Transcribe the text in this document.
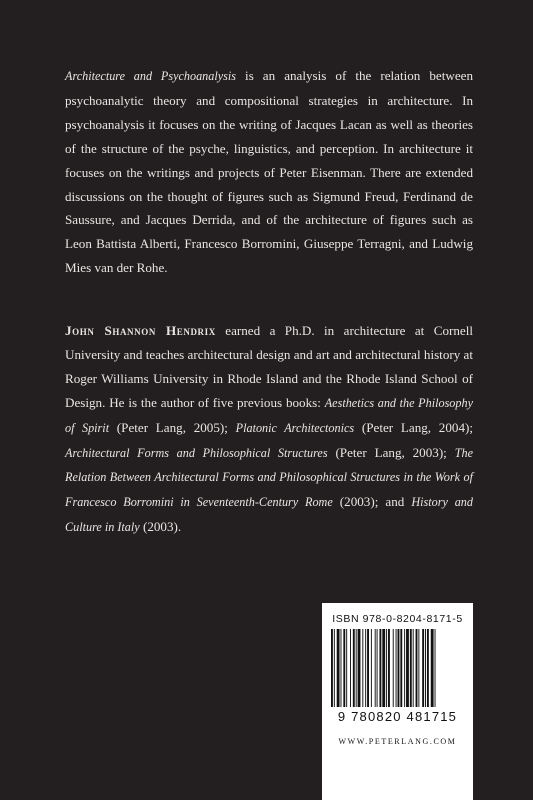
Architecture and Psychoanalysis is an analysis of the relation between psychoanalytic theory and compositional strategies in architecture. In psychoanalysis it focuses on the writing of Jacques Lacan as well as theories of the structure of the psyche, linguistics, and perception. In architecture it focuses on the writings and projects of Peter Eisenman. There are extended discussions on the thought of figures such as Sigmund Freud, Ferdinand de Saussure, and Jacques Derrida, and of the architecture of figures such as Leon Battista Alberti, Francesco Borromini, Giuseppe Terragni, and Ludwig Mies van der Rohe.

John Shannon Hendrix earned a Ph.D. in architecture at Cornell University and teaches architectural design and art and architectural history at Roger Williams University in Rhode Island and the Rhode Island School of Design. He is the author of five previous books: Aesthetics and the Philosophy of Spirit (Peter Lang, 2005); Platonic Architectonics (Peter Lang, 2004); Architectural Forms and Philosophical Structures (Peter Lang, 2003); The Relation Between Architectural Forms and Philosophical Structures in the Work of Francesco Borromini in Seventeenth-Century Rome (2003); and History and Culture in Italy (2003).

ISBN 978-0-8204-8171-5
9 780820 481715
WWW.PETERLANG.COM
